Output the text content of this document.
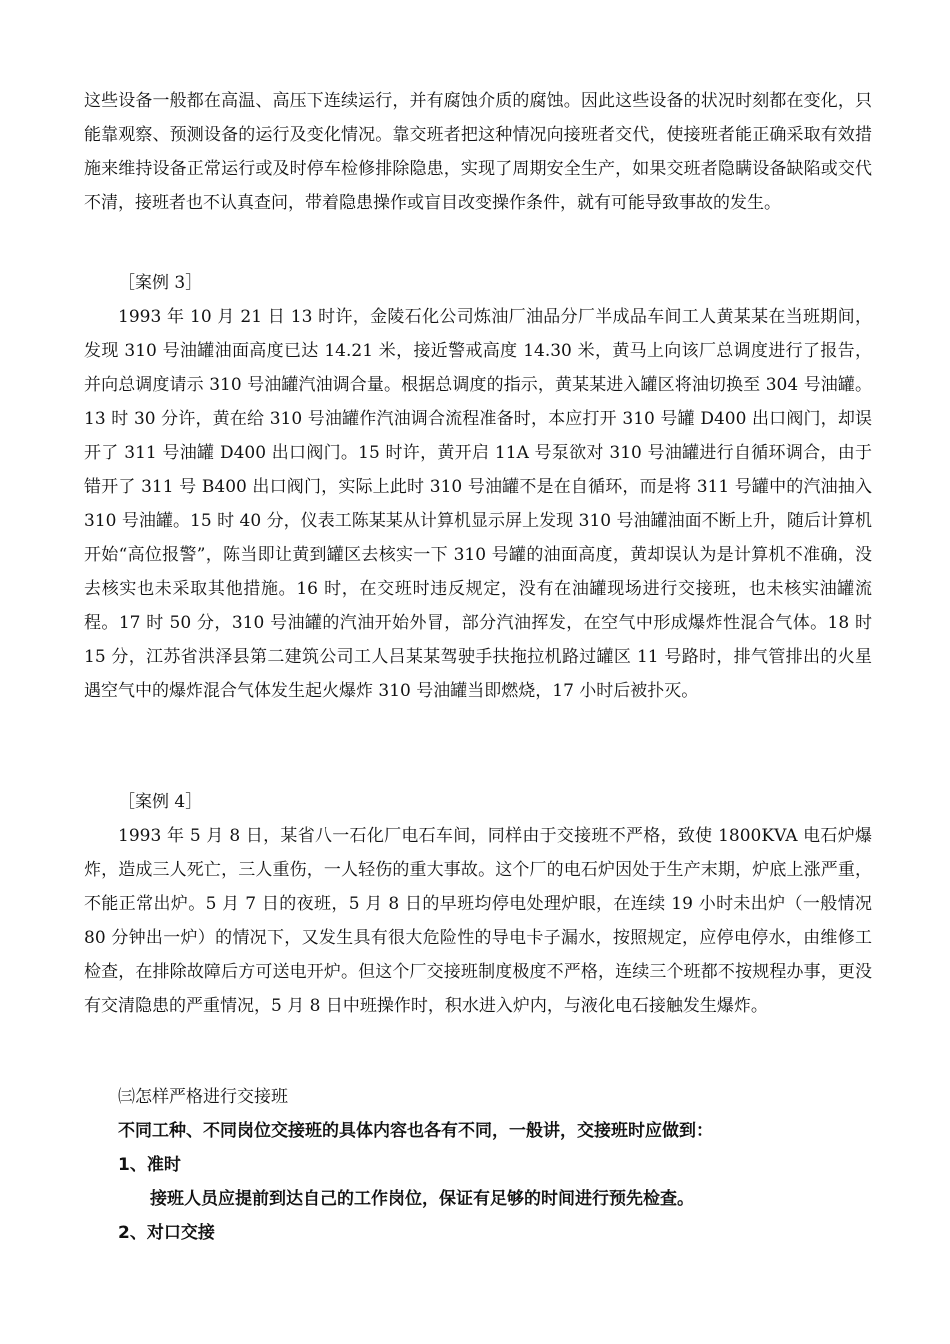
这些设备一般都在高温、高压下连续运行，并有腐蚀介质的腐蚀。因此这些设备的状况时刻都在变化，只能靠观察、预测设备的运行及变化情况。靠交班者把这种情况向接班者交代，使接班者能正确采取有效措施来维持设备正常运行或及时停车检修排除隐患，实现了周期安全生产，如果交班者隐瞒设备缺陷或交代不清，接班者也不认真查问，带着隐患操作或盲目改变操作条件，就有可能导致事故的发生。

［案例 3］

1993 年 10 月 21 日 13 时许，金陵石化公司炼油厂油品分厂半成品车间工人黄某某在当班期间，发现 310 号油罐油面高度已达 14.21 米，接近警戒高度 14.30 米，黄马上向该厂总调度进行了报告，并向总调度请示 310 号油罐汽油调合量。根据总调度的指示，黄某某进入罐区将油切换至 304 号油罐。13 时 30 分许，黄在给 310 号油罐作汽油调合流程准备时，本应打开 310 号罐 D400 出口阀门，却误开了 311 号油罐 D400 出口阀门。15 时许，黄开启 11A 号泵欲对 310 号油罐进行自循环调合，由于错开了 311 号 B400 出口阀门，实际上此时 310 号油罐不是在自循环，而是将 311 号罐中的汽油抽入 310 号油罐。15 时 40 分，仪表工陈某某从计算机显示屏上发现 310 号油罐油面不断上升，随后计算机开始“高位报警”，陈当即让黄到罐区去核实一下 310 号罐的油面高度，黄却误认为是计算机不准确，没去核实也未采取其他措施。16 时，在交班时违反规定，没有在油罐现场进行交接班，也未核实油罐流程。17 时 50 分，310 号油罐的汽油开始外冒，部分汽油挥发，在空气中形成爆炸性混合气体。18 时 15 分，江苏省洪泽县第二建筑公司工人吕某某驾驶手扶拖拉机路过罐区 11 号路时，排气管排出的火星遇空气中的爆炸混合气体发生起火爆炸 310 号油罐当即燃烧，17 小时后被扑灭。

［案例 4］

1993 年 5 月 8 日，某省八一石化厂电石车间，同样由于交接班不严格，致使 1800KVA 电石炉爆炸，造成三人死亡，三人重伤，一人轻伤的重大事故。这个厂的电石炉因处于生产末期，炉底上涨严重，不能正常出炉。5 月 7 日的夜班，5 月 8 日的早班均停电处理炉眼，在连续 19 小时未出炉（一般情况 80 分钟出一炉）的情况下，又发生具有很大危险性的导电卡子漏水，按照规定，应停电停水，由维修工检查，在排除故障后方可送电开炉。但这个厂交接班制度极度不严格，连续三个班都不按规程办事，更没有交清隐患的严重情况，5 月 8 日中班操作时，积水进入炉内，与液化电石接触发生爆炸。

㈢怎样严格进行交接班

不同工种、不同岗位交接班的具体内容也各有不同，一般讲，交接班时应做到：

1、准时

接班人员应提前到达自己的工作岗位，保证有足够的时间进行预先检查。

2、对口交接
